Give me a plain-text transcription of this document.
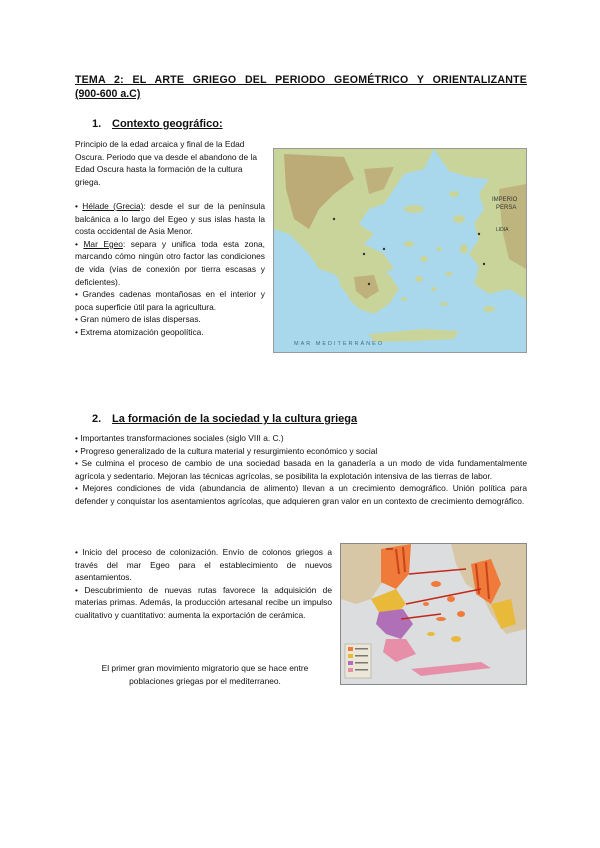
TEMA 2: EL ARTE GRIEGO DEL PERIODO GEOMÉTRICO Y ORIENTALIZANTE
(900-600 a.C)
1. Contexto geográfico:
Principio de la edad arcaica y final de la Edad Oscura. Periodo que va desde el abandono de la Edad Oscura hasta la formación de la cultura griega.
• Hélade (Grecia): desde el sur de la península balcánica a lo largo del Egeo y sus islas hasta la costa occidental de Asia Menor.
• Mar Egeo: separa y unifica toda esta zona, marcando cómo ningún otro factor las condiciones de vida (vías de conexión por tierra escasas y deficientes).
• Grandes cadenas montañosas en el interior y poca superficie útil para la agricultura.
• Gran número de islas dispersas.
• Extrema atomización geopolítica.
IMPERIO
PERSA
LIDIA
MAR MEDITERRÁNEO
2. La formación de la sociedad y la cultura griega
• Importantes transformaciones sociales (siglo VIII a. C.)
• Progreso generalizado de la cultura material y resurgimiento económico y social
• Se culmina el proceso de cambio de una sociedad basada en la ganadería a un modo de vida fundamentalmente agrícola y sedentario. Mejoran las técnicas agrícolas, se posibilita la explotación intensiva de las tierras de labor.
• Mejores condiciones de vida (abundancia de alimento) llevan a un crecimiento demográfico. Unión política para defender y conquistar los asentamientos agrícolas, que adquieren gran valor en un contexto de crecimiento demográfico.
• Inicio del proceso de colonización. Envío de colonos griegos a través del mar Egeo para el establecimiento de nuevos asentamientos.
• Descubrimiento de nuevas rutas favorece la adquisición de materias primas. Además, la producción artesanal recibe un impulso cualitativo y cuantitativo: aumenta la exportación de cerámica.
El primer gran movimiento migratorio que se hace entre poblaciones griegas por el mediterraneo.
